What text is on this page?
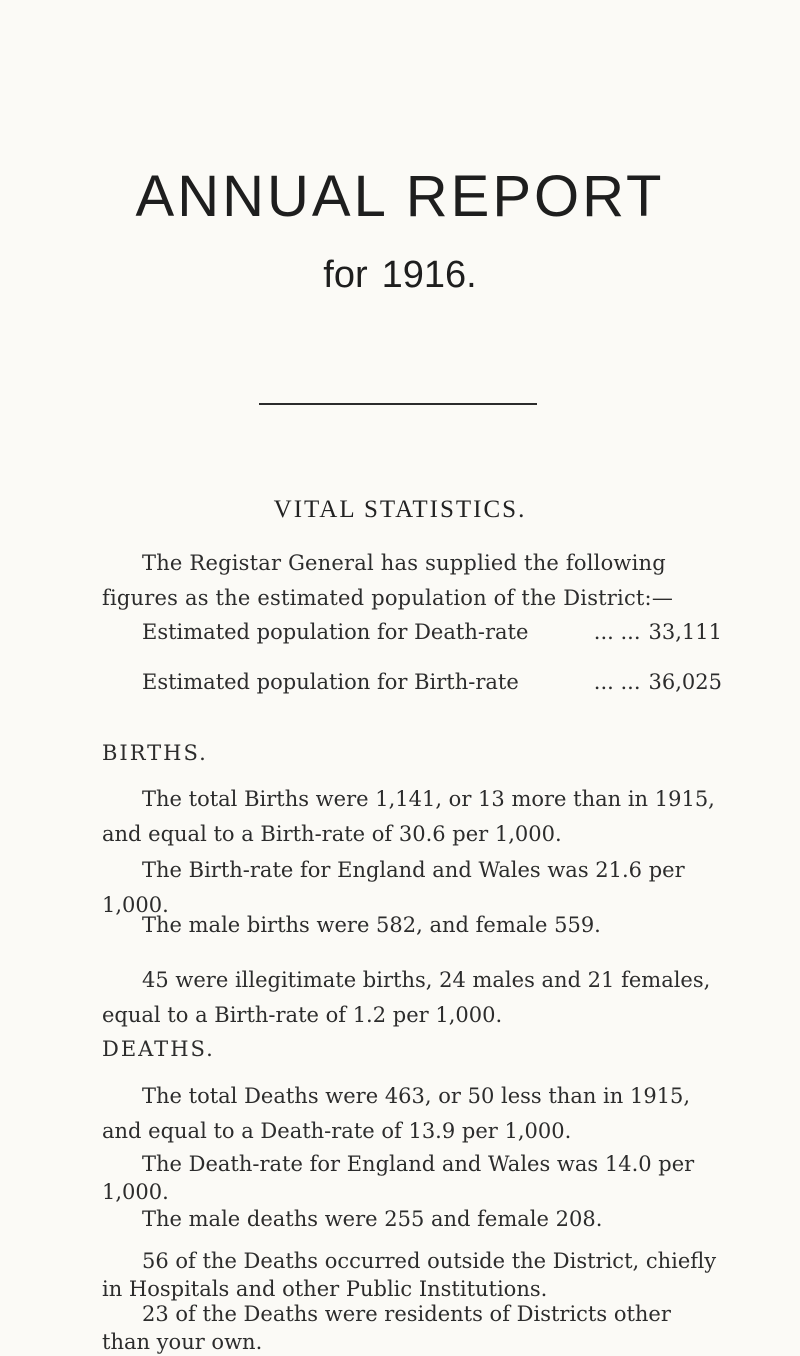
ANNUAL REPORT
for 1916.
VITAL STATISTICS.
The Registar General has supplied the following figures as the estimated population of the District:—
Estimated population for Death-rate	... ... 33,111
Estimated population for Birth-rate	... ... 36,025
BIRTHS.
The total Births were 1,141, or 13 more than in 1915, and equal to a Birth-rate of 30.6 per 1,000.
The Birth-rate for England and Wales was 21.6 per 1,000.
The male births were 582, and female 559.
45 were illegitimate births, 24 males and 21 females, equal to a Birth-rate of 1.2 per 1,000.
DEATHS.
The total Deaths were 463, or 50 less than in 1915, and equal to a Death-rate of 13.9 per 1,000.
The Death-rate for England and Wales was 14.0 per 1,000.
The male deaths were 255 and female 208.
56 of the Deaths occurred outside the District, chiefly in Hospitals and other Public Institutions.
23 of the Deaths were residents of Districts other than your own.
